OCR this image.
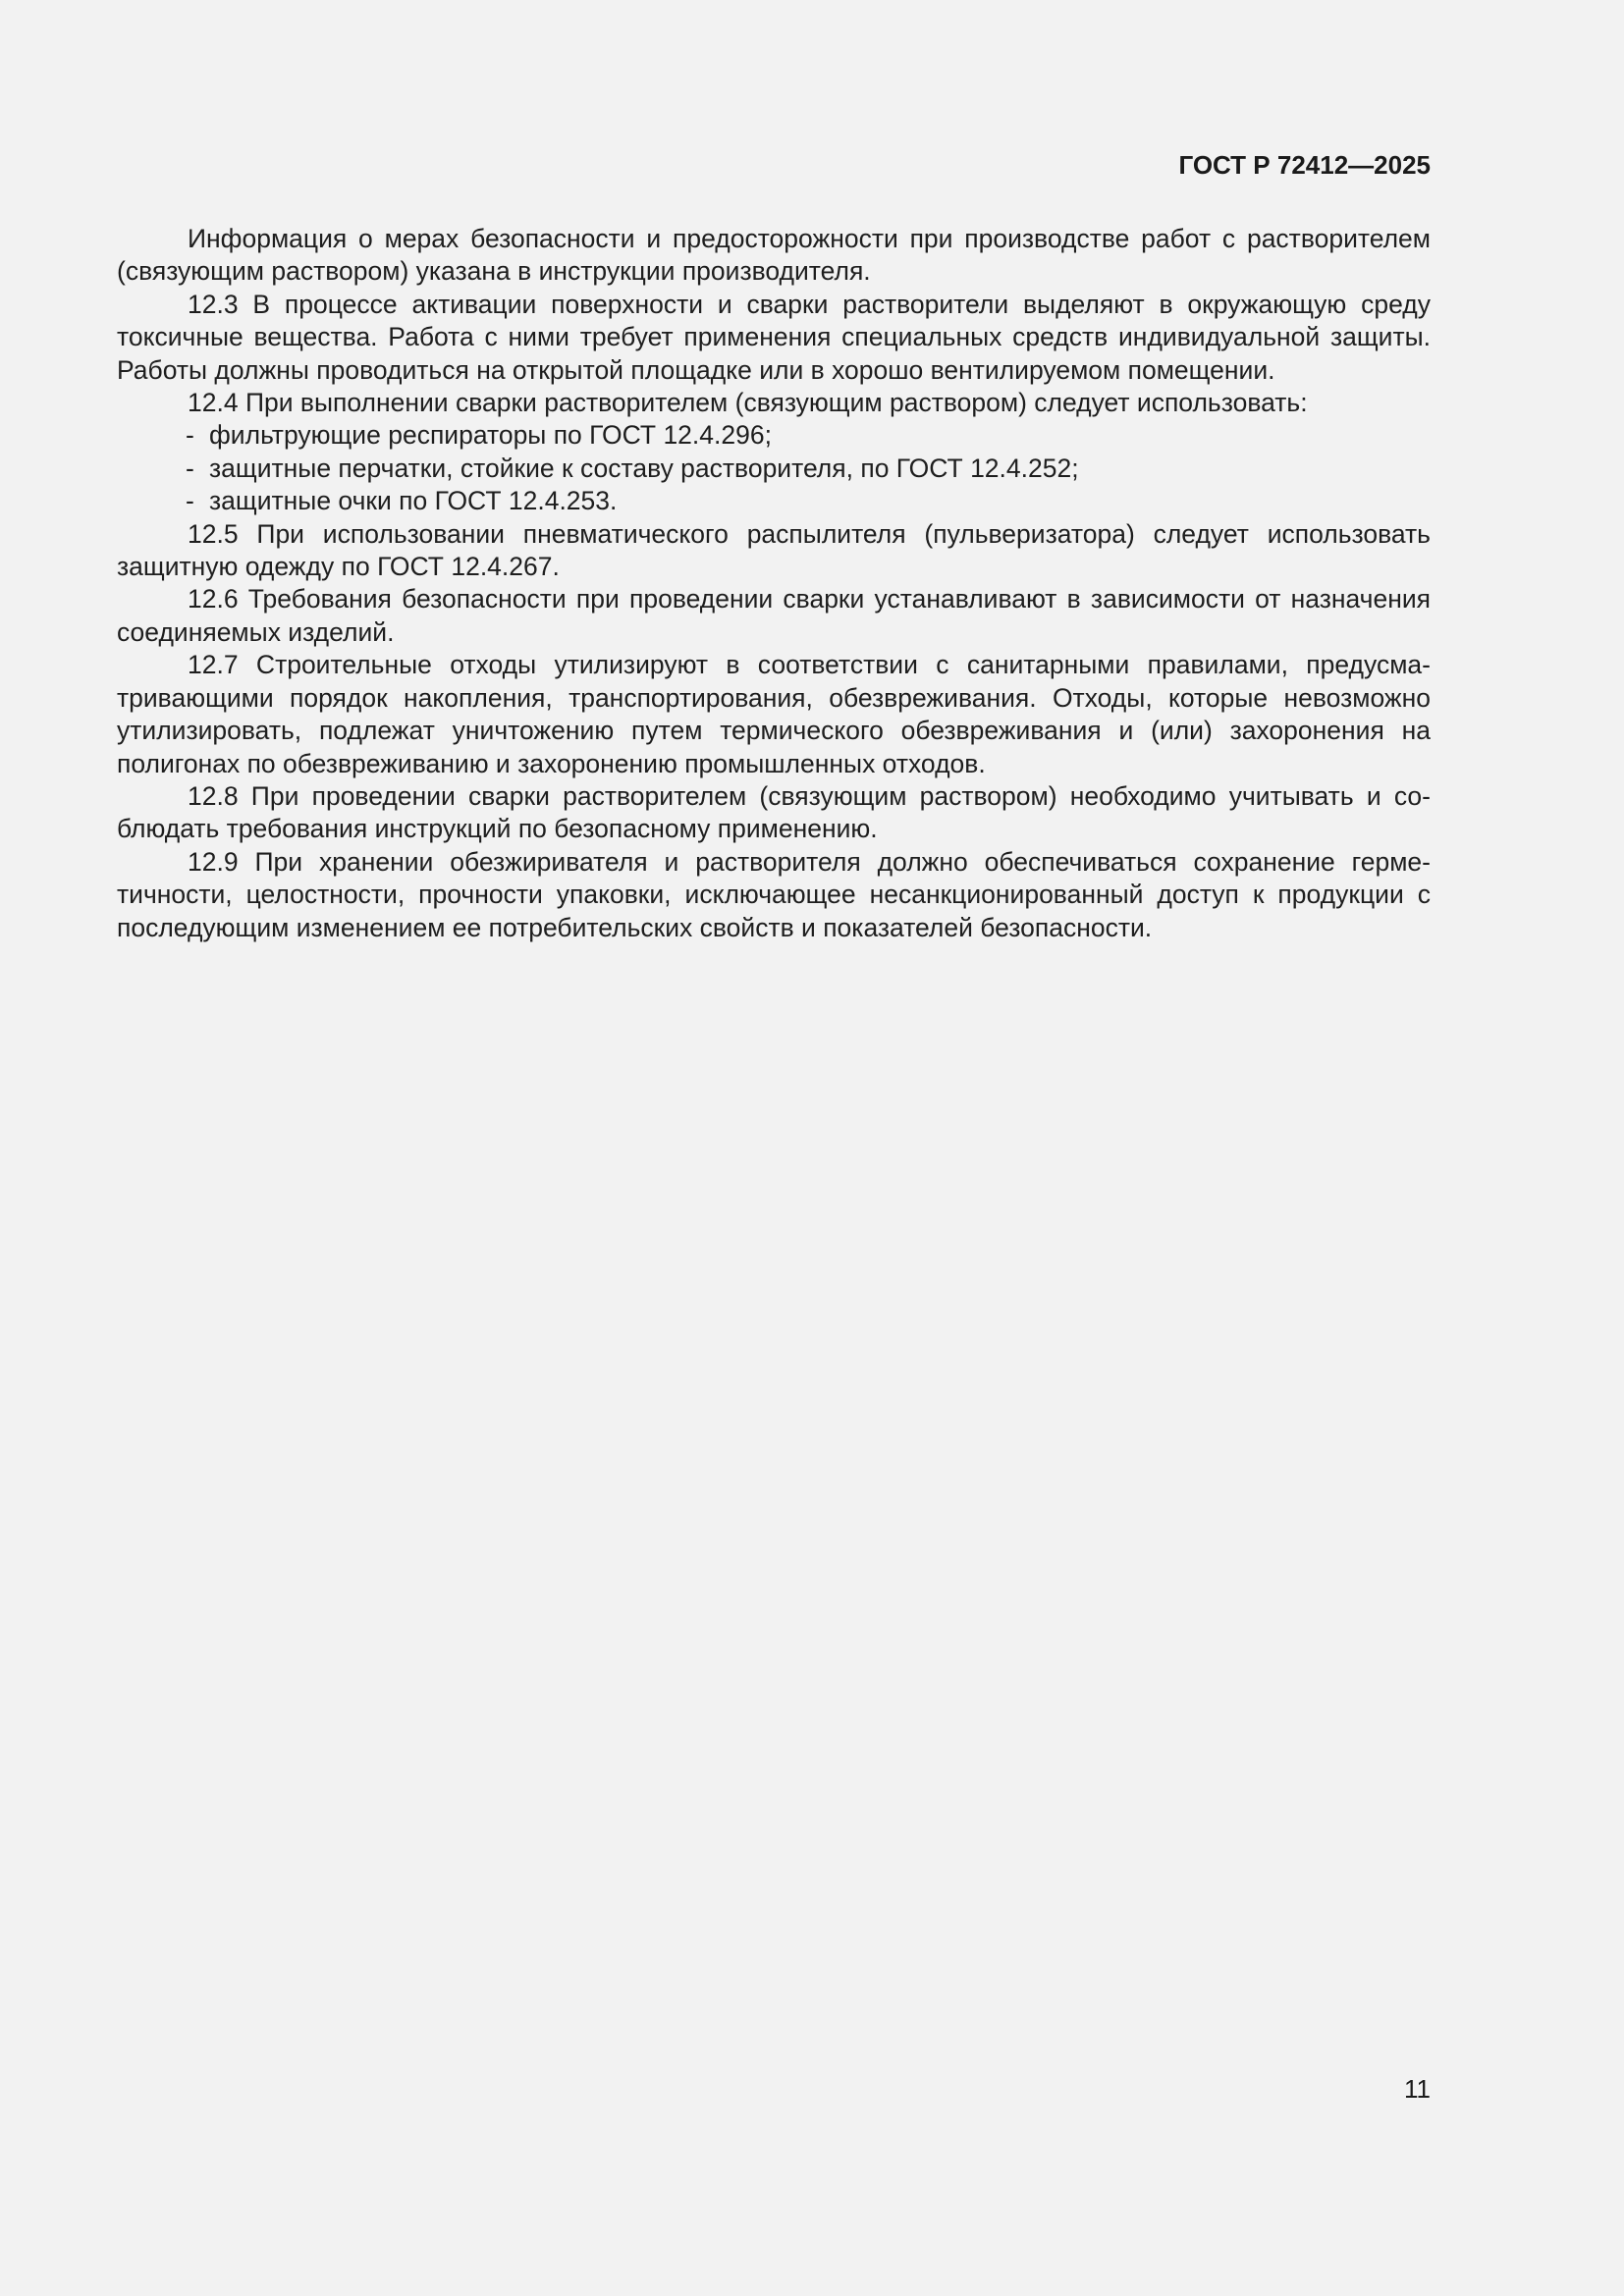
ГОСТ Р 72412—2025

Информация о мерах безопасности и предосторожности при производстве работ с растворителем (связующим раствором) указана в инструкции производителя.

12.3 В процессе активации поверхности и сварки растворители выделяют в окружающую среду токсичные вещества. Работа с ними требует применения специальных средств индивидуальной защиты. Работы должны проводиться на открытой площадке или в хорошо вентилируемом помещении.

12.4 При выполнении сварки растворителем (связующим раствором) следует использовать:

- фильтрующие респираторы по ГОСТ 12.4.296;

- защитные перчатки, стойкие к составу растворителя, по ГОСТ 12.4.252;

- защитные очки по ГОСТ 12.4.253.

12.5 При использовании пневматического распылителя (пульверизатора) следует использовать защитную одежду по ГОСТ 12.4.267.

12.6 Требования безопасности при проведении сварки устанавливают в зависимости от назначения соединяемых изделий.

12.7 Строительные отходы утилизируют в соответствии с санитарными правилами, предусматривающими порядок накопления, транспортирования, обезвреживания. Отходы, которые невозможно утилизировать, подлежат уничтожению путем термического обезвреживания и (или) захоронения на полигонах по обезвреживанию и захоронению промышленных отходов.

12.8 При проведении сварки растворителем (связующим раствором) необходимо учитывать и соблюдать требования инструкций по безопасному применению.

12.9 При хранении обезжиривателя и растворителя должно обеспечиваться сохранение герметичности, целостности, прочности упаковки, исключающее несанкционированный доступ к продукции с последующим изменением ее потребительских свойств и показателей безопасности.

11
